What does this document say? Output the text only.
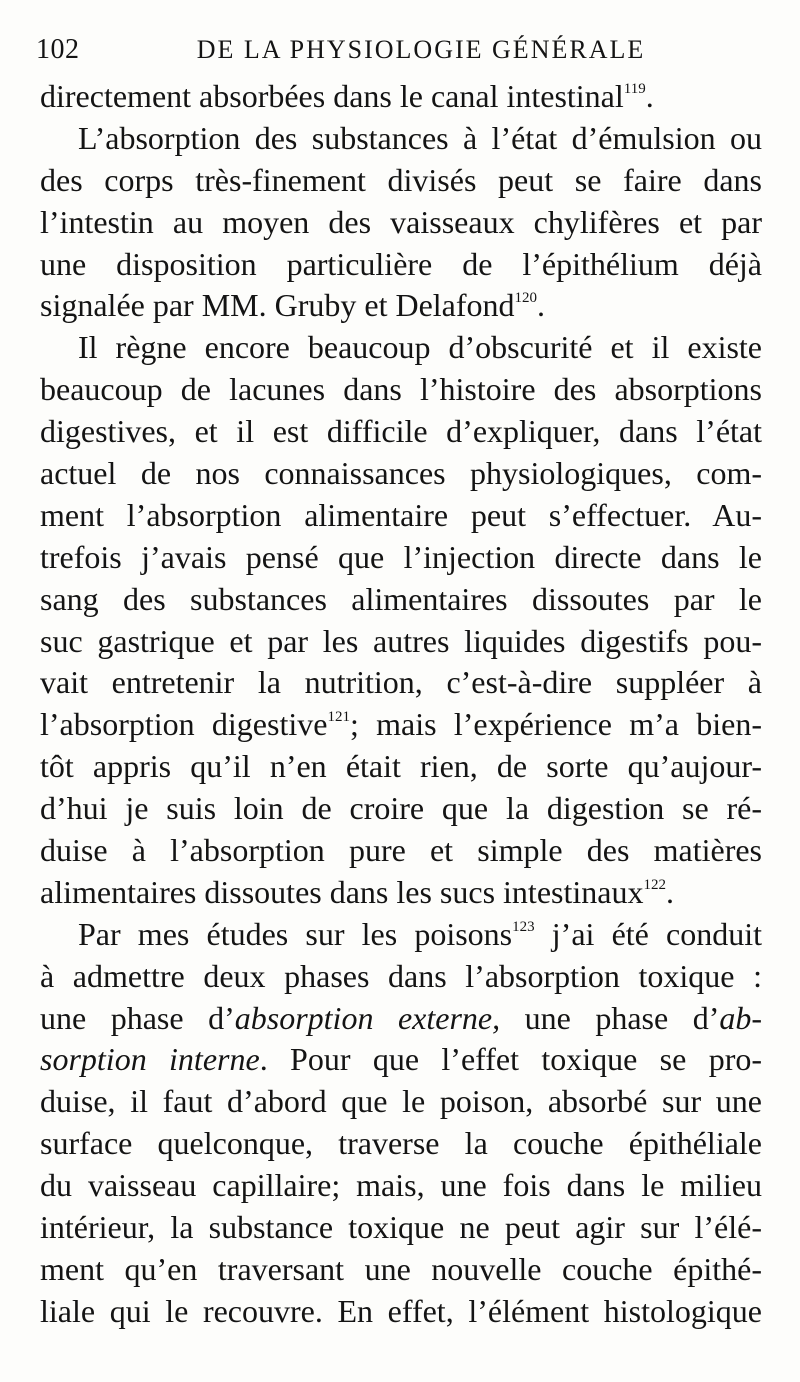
102	DE LA PHYSIOLOGIE GÉNÉRALE
directement absorbées dans le canal intestinal$^{119}$.
L’absorption des substances à l’état d’émulsion ou
des corps très-finement divisés peut se faire dans
l’intestin au moyen des vaisseaux chylifères et par
une disposition particulière de l’épithélium déjà
signalée par MM. Gruby et Delafond$^{120}$.
Il règne encore beaucoup d’obscurité et il existe
beaucoup de lacunes dans l’histoire des absorptions
digestives, et il est difficile d’expliquer, dans l’état
actuel de nos connaissances physiologiques, com-
ment l’absorption alimentaire peut s’effectuer. Au-
trefois j’avais pensé que l’injection directe dans le
sang des substances alimentaires dissoutes par le
suc gastrique et par les autres liquides digestifs pou-
vait entretenir la nutrition, c’est-à-dire suppléer à
l’absorption digestive$^{121}$; mais l’expérience m’a bien-
tôt appris qu’il n’en était rien, de sorte qu’aujour-
d’hui je suis loin de croire que la digestion se ré-
duise à l’absorption pure et simple des matières
alimentaires dissoutes dans les sucs intestinaux$^{122}$.
Par mes études sur les poisons$^{123}$ j’ai été conduit
à admettre deux phases dans l’absorption toxique :
une phase d’absorption externe, une phase d’ab-
sorption interne. Pour que l’effet toxique se pro-
duise, il faut d’abord que le poison, absorbé sur une
surface quelconque, traverse la couche épithéliale
du vaisseau capillaire; mais, une fois dans le milieu
intérieur, la substance toxique ne peut agir sur l’élé-
ment qu’en traversant une nouvelle couche épithé-
liale qui le recouvre. En effet, l’élément histologique
